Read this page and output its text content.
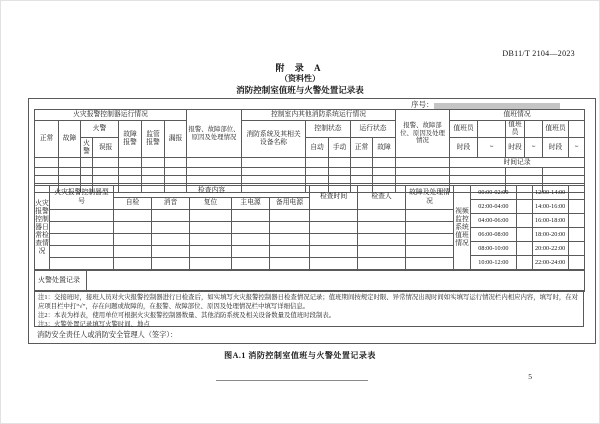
DB11/T 2104—2023
附 录 A
（资料性）
消防控制室值班与火警处置记录表
序号：
火灾报警控制器运行情况							报警、故障部位、原因及处理情况	控制室内其他消防系统运行情况					报警、故障部位、原因及处理情况	值班情况					
正常	故障	火警		故障报警	监管报警	漏报		消防系统及其相关设备名称	控制状态		运行状态			值班员		值班员		值班员	
		火警	误报						自动	手动	正常	故障		时段	~	时段	~	时段	~
														时间记录					

火灾报警控制器日常检查情况	火灾报警控制器型号	检查内容	检查时间	检查人	故障及处理情况	视频监控系统值班情况	
00:00-02:00		12:00-14:00	
02:00-04:00		14:00-16:00	
04:00-06:00		16:00-18:00	
06:00-08:00		18:00-20:00	
08:00-10:00		20:00-22:00	
10:00-12:00		22:00-24:00	

自检	消音	复位	主电源	备用电源

火警处置记录	

注1：交接班时，接班人员对火灾报警控制器进行日检查后，如实填写火灾报警控制器日检查情况记录；值班期间按规定时限、异常情况出现时间如实填写运行情况栏内相应内容，填写时，在对应项目栏中打“√”，存在问题或故障的，在报警、故障部位、原因及处理情况栏中填写详细信息。

注2：本表为样表，使用单位可根据火灾报警控制器数量、其他消防系统及相关设备数量及值班时段制表。

注3：火警处置记录填写火警时间、地点

消防安全责任人或消防安全管理人（签字）：
图A.1 消防控制室值班与火警处置记录表
5
